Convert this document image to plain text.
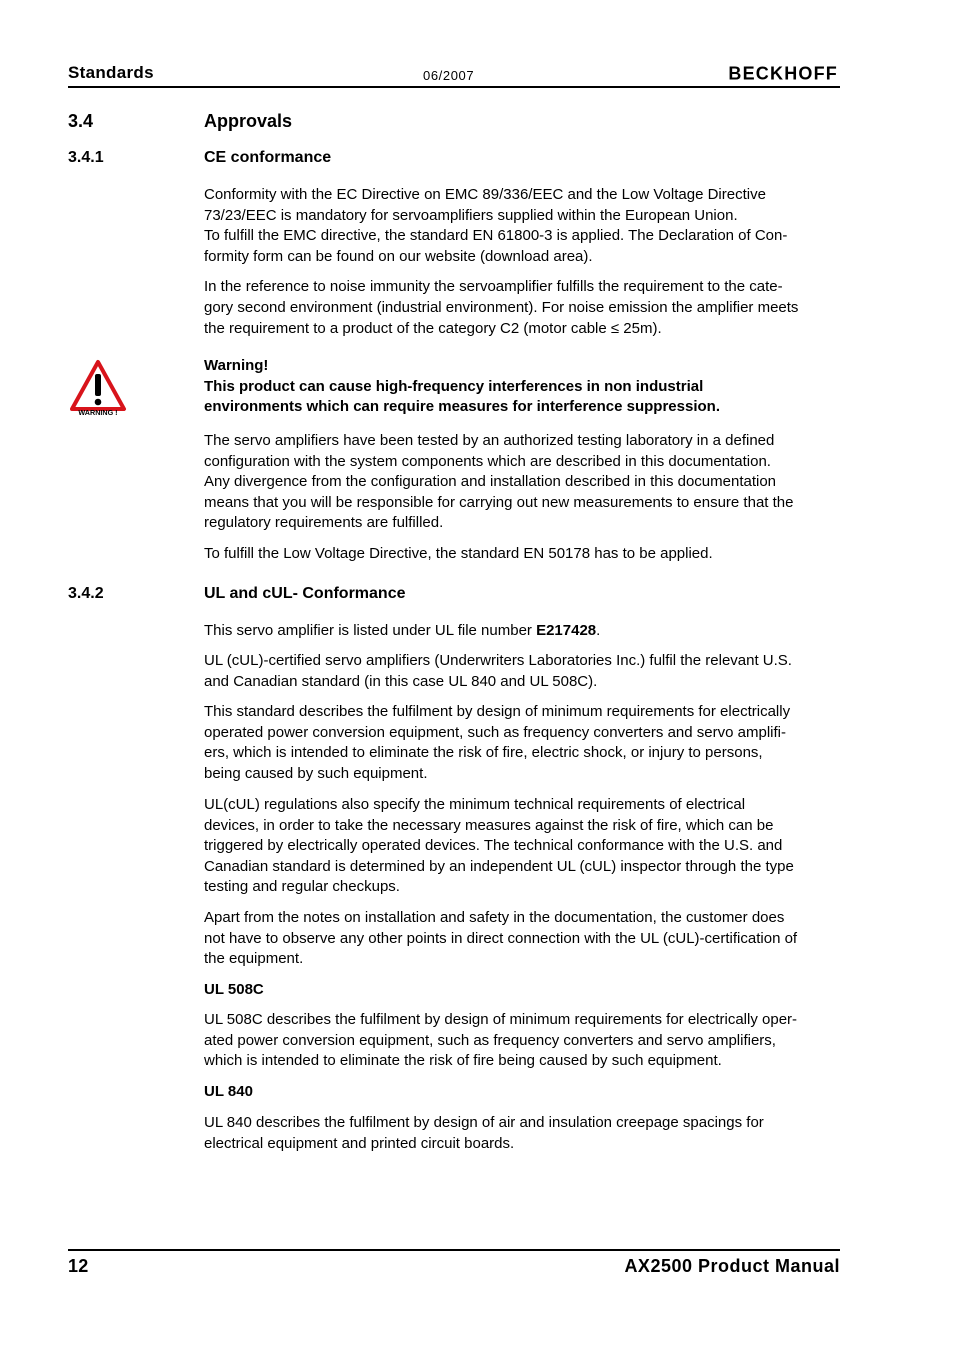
Standards	06/2007	BECKHOFF
3.4	Approvals
3.4.1	CE conformance

Conformity with the EC Directive on EMC 89/336/EEC and the Low Voltage Directive

73/23/EEC is mandatory for servoamplifiers supplied within the European Union.

To fulfill the EMC directive, the standard EN 61800-3 is applied. The Declaration of Con-

formity form can be found on our website (download area).

In the reference to noise immunity the servoamplifier fulfills the requirement to the cate-

gory second environment (industrial environment). For noise emission the amplifier meets

the requirement to a product of the category C2 (motor cable ≤ 25m).

WARNING !

Warning!

This product can cause high-frequency interferences in non industrial

environments which can require measures for interference suppression.

The servo amplifiers have been tested by an authorized testing laboratory in a defined

configuration with the system components which are described in this documentation.

Any divergence from the configuration and installation described in this documentation

means that you will be responsible for carrying out new measurements to ensure that the

regulatory requirements are fulfilled.

To fulfill the Low Voltage Directive, the standard EN 50178 has to be applied.

3.4.2	UL and cUL- Conformance

This servo amplifier is listed under UL file number E217428.

UL (cUL)-certified servo amplifiers (Underwriters Laboratories Inc.) fulfil the relevant U.S.

and Canadian standard (in this case UL 840 and UL 508C).

This standard describes the fulfilment by design of minimum requirements for electrically

operated power conversion equipment, such as frequency converters and servo amplifi-

ers, which is intended to eliminate the risk of fire, electric shock, or injury to persons,

being caused by such equipment.

UL(cUL) regulations also specify the minimum technical requirements of electrical

devices, in order to take the necessary measures against the risk of fire, which can be

triggered by electrically operated devices. The technical conformance with the U.S. and

Canadian standard is determined by an independent UL (cUL) inspector through the type

testing and regular checkups.

Apart from the notes on installation and safety in the documentation, the customer does

not have to observe any other points in direct connection with the UL (cUL)-certification of

the equipment.

UL 508C

UL 508C describes the fulfilment by design of minimum requirements for electrically oper-

ated power conversion equipment, such as frequency converters and servo amplifiers,

which is intended to eliminate the risk of fire being caused by such equipment.

UL 840

UL 840 describes the fulfilment by design of air and insulation creepage spacings for

electrical equipment and printed circuit boards.

12	AX2500 Product Manual
